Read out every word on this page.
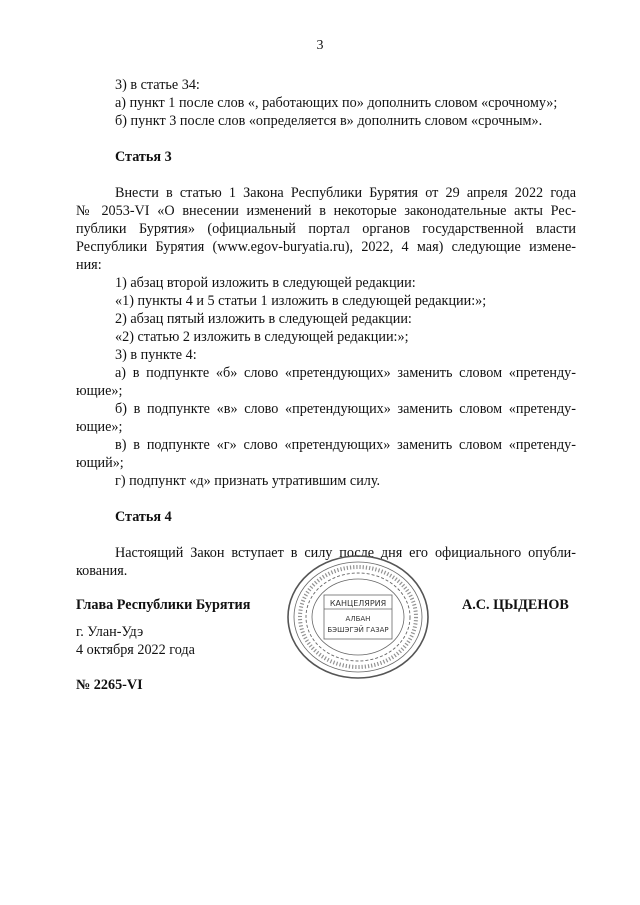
3
3) в статье 34:
а) пункт 1 после слов «, работающих по» дополнить словом «срочному»;
б) пункт 3 после слов «определяется в» дополнить словом «срочным».
Статья 3
Внести в статью 1 Закона Республики Бурятия от 29 апреля 2022 года
№ 2053-VI «О внесении изменений в некоторые законодательные акты Рес-
публики Бурятия» (официальный портал органов государственной власти
Республики Бурятия (www.egov-buryatia.ru), 2022, 4 мая) следующие измене-
ния:
1) абзац второй изложить в следующей редакции:
«1) пункты 4 и 5 статьи 1 изложить в следующей редакции:»;
2) абзац пятый изложить в следующей редакции:
«2) статью 2 изложить в следующей редакции:»;
3) в пункте 4:
а) в подпункте «б» слово «претендующих» заменить словом «претенду-
ющие»;
б) в подпункте «в» слово «претендующих» заменить словом «претенду-
ющие»;
в) в подпункте «г» слово «претендующих» заменить словом «претенду-
ющий»;
г) подпункт «д» признать утратившим силу.
Статья 4
Настоящий Закон вступает в силу после дня его официального опубли-
кования.
Глава Республики Бурятия	А.С. ЦЫДЕНОВ
КАНЦЕЛЯРИЯ
АЛБАН
БЭШЭГЭЙ ГАЗАР
г. Улан-Удэ
4 октября 2022 года
№ 2265-VI
